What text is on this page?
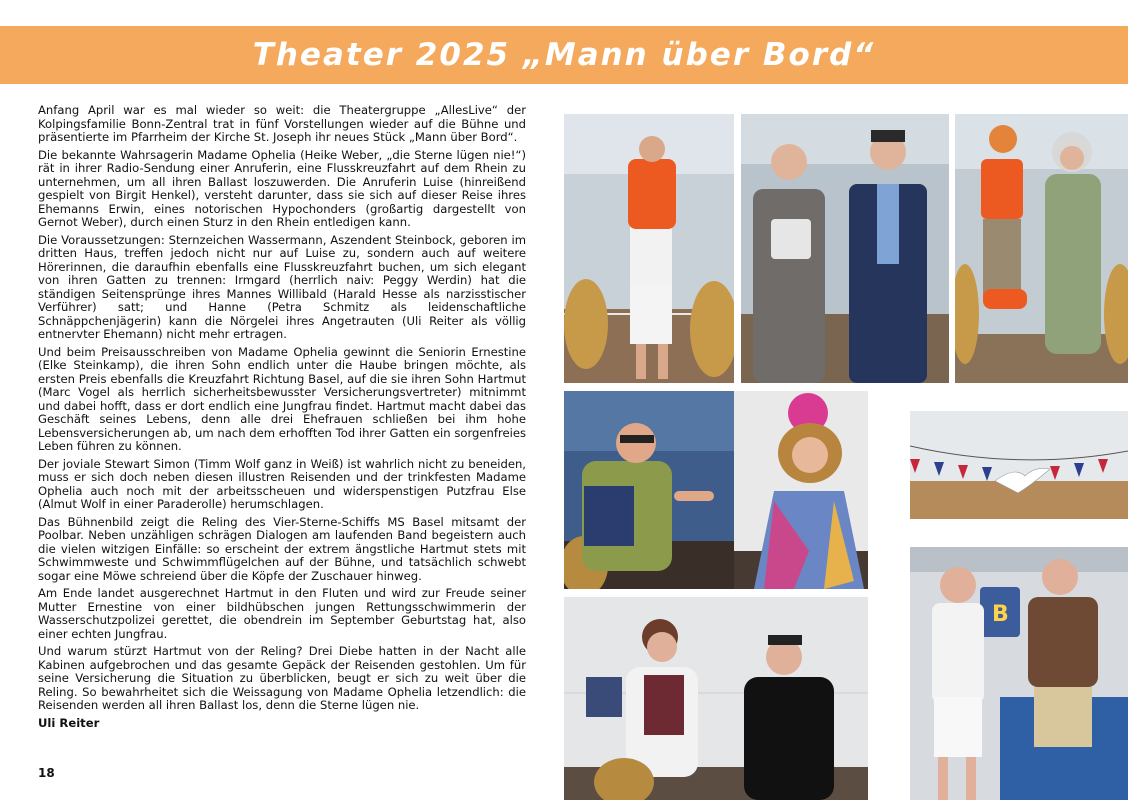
Theater 2025 „Mann über Bord“

Anfang April war es mal wieder so weit: die Theatergruppe „AllesLive“ der Kolpingsfamilie Bonn-Zentral trat in fünf Vorstellungen wieder auf die Bühne und präsentierte im Pfarrheim der Kirche St. Joseph ihr neues Stück „Mann über Bord“.

Die bekannte Wahrsagerin Madame Ophelia (Heike Weber, „die Sterne lügen nie!“) rät in ihrer Radio-Sendung einer Anruferin, eine Flusskreuzfahrt auf dem Rhein zu unternehmen, um all ihren Ballast loszuwerden. Die Anruferin Luise (hinreißend gespielt von Birgit Henkel), versteht darunter, dass sie sich auf dieser Reise ihres Ehemanns Erwin, eines notorischen Hypochonders (großartig dargestellt von Gernot Weber), durch einen Sturz in den Rhein entledigen kann.

Die Voraussetzungen: Sternzeichen Wassermann, Aszendent Steinbock, geboren im dritten Haus, treffen jedoch nicht nur auf Luise zu, sondern auch auf weitere Hörerinnen, die daraufhin ebenfalls eine Flusskreuzfahrt buchen, um sich elegant von ihren Gatten zu trennen: Irmgard (herrlich naiv: Peggy Werdin) hat die ständigen Seitensprünge ihres Mannes Willibald (Harald Hesse als narzisstischer Verführer) satt; und Hanne (Petra Schmitz als leidenschaftliche Schnäppchenjägerin) kann die Nörgelei ihres Angetrauten (Uli Reiter als völlig entnervter Ehemann) nicht mehr ertragen.

Und beim Preisausschreiben von Madame Ophelia gewinnt die Seniorin Ernestine (Elke Steinkamp), die ihren Sohn endlich unter die Haube bringen möchte, als ersten Preis ebenfalls die Kreuzfahrt Richtung Basel, auf die sie ihren Sohn Hartmut (Marc Vogel als herrlich sicherheitsbewusster Versicherungsvertreter) mitnimmt und dabei hofft, dass er dort endlich eine Jungfrau findet. Hartmut macht dabei das Geschäft seines Lebens, denn alle drei Ehefrauen schließen bei ihm hohe Lebensversicherungen ab, um nach dem erhofften Tod ihrer Gatten ein sorgenfreies Leben führen zu können.

Der joviale Stewart Simon (Timm Wolf ganz in Weiß) ist wahrlich nicht zu beneiden, muss er sich doch neben diesen illustren Reisenden und der trinkfesten Madame Ophelia auch noch mit der arbeitsscheuen und widerspenstigen Putzfrau Else (Almut Wolf in einer Paraderolle) herumschlagen.

Das Bühnenbild zeigt die Reling des Vier-Sterne-Schiffs MS Basel mitsamt der Poolbar. Neben unzähligen schrägen Dialogen am laufenden Band begeistern auch die vielen witzigen Einfälle: so erscheint der extrem ängstliche Hartmut stets mit Schwimmweste und Schwimmflügelchen auf der Bühne, und tatsächlich schwebt sogar eine Möwe schreiend über die Köpfe der Zuschauer hinweg.

Am Ende landet ausgerechnet Hartmut in den Fluten und wird zur Freude seiner Mutter Ernestine von einer bildhübschen jungen Rettungsschwimmerin der Wasserschutzpolizei gerettet, die obendrein im September Geburtstag hat, also einer echten Jungfrau.

Und warum stürzt Hartmut von der Reling? Drei Diebe hatten in der Nacht alle Kabinen aufgebrochen und das gesamte Gepäck der Reisenden gestohlen. Um für seine Versicherung die Situation zu überblicken, beugt er sich zu weit über die Reling. So bewahrheitet sich die Weissagung von Madame Ophelia letzendlich: die Reisenden werden all ihren Ballast los, denn die Sterne lügen nie.

Uli Reiter
18
B
